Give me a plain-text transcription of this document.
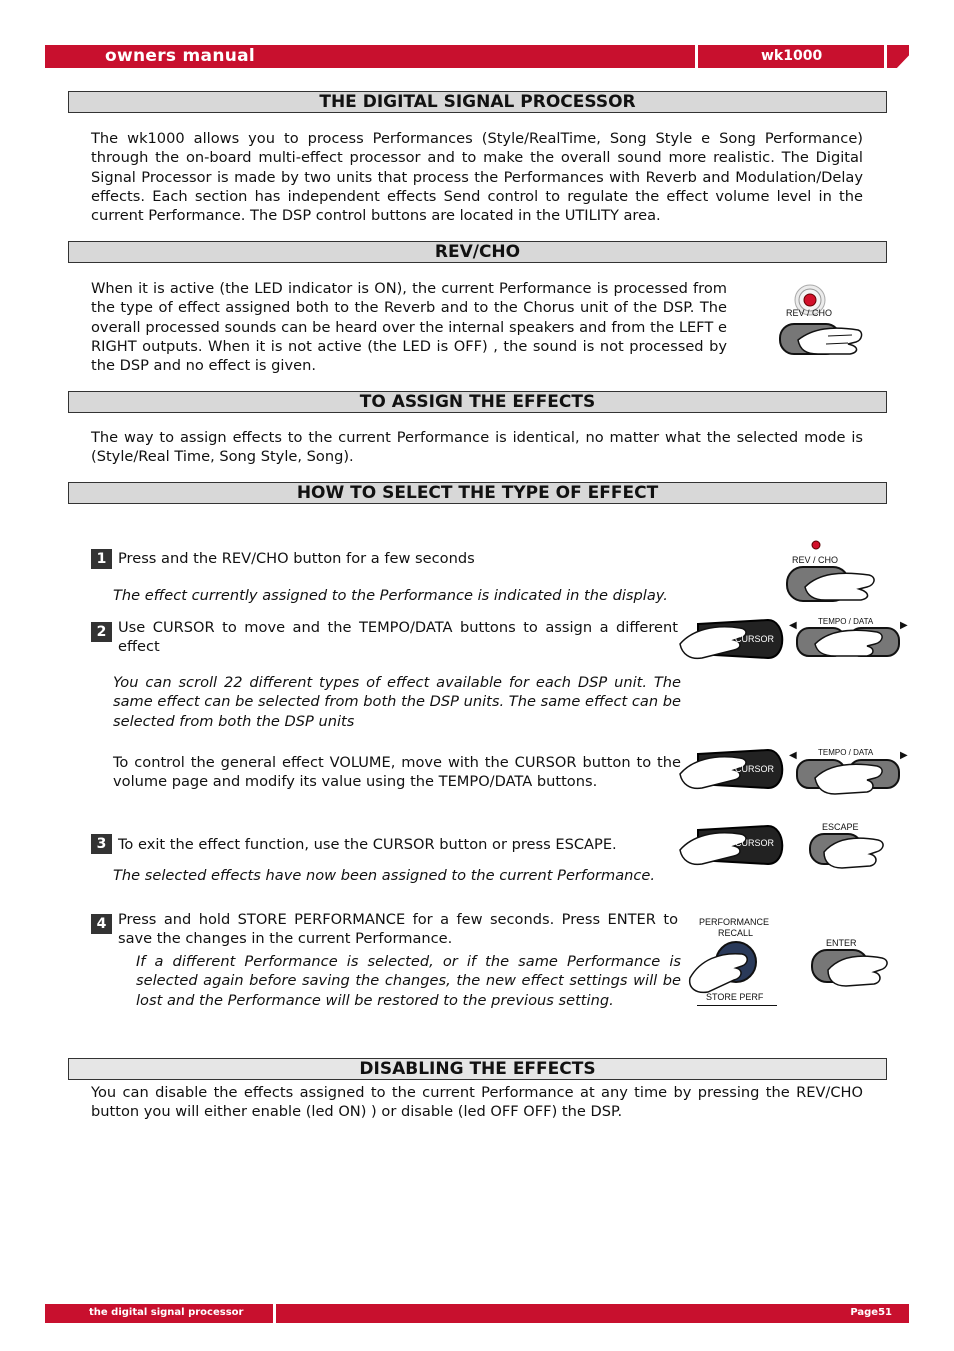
owners manual	wk1000
THE DIGITAL SIGNAL PROCESSOR

The wk1000 allows you to process Performances (Style/RealTime, Song Style e Song Performance) through the on-board multi-effect processor and to make the overall sound more realistic. The Digital Signal Processor is made by two units that process the Performances with Reverb and Modulation/Delay effects. Each section has independent effects Send control to regulate the effect volume level in the current Performance. The DSP control buttons are located in the UTILITY area.

REV/CHO

When it is active (the LED indicator is ON), the current Performance is processed from the type of effect assigned both to the Reverb and to the Chorus unit of the DSP. The overall processed sounds can be heard over the internal speakers and from the LEFT e RIGHT outputs. When it is not active (the LED is OFF) , the sound is not processed by the DSP and no effect is given.

REV / CHO
TO ASSIGN THE EFFECTS

The way to assign effects to the current Performance is identical, no matter what the selected mode is (Style/Real Time, Song Style, Song).

HOW TO SELECT THE TYPE OF EFFECT
1 Press and the REV/CHO button for a few seconds

The effect currently assigned to the Performance is indicated in the display.

2 Use CURSOR to move and the TEMPO/DATA buttons to assign a different effect

You can scroll 22 different types of effect available for each DSP unit. The same effect can be selected from both the DSP units. The same effect can be selected from both the DSP units

To control the general effect VOLUME, move with the CURSOR button to the volume page and modify its value using the TEMPO/DATA buttons.

3 To exit the effect function, use the CURSOR button or press ESCAPE.

The selected effects have now been assigned to the current Performance.

4 Press and hold STORE PERFORMANCE for a few seconds. Press ENTER to save the changes in the current Performance.

If a different Performance is selected, or if the same Performance is selected again before saving the changes, the new effect settings will be lost and the Performance will be restored to the previous setting.

REV / CHO
CURSOR
◀	▶
TEMPO / DATA
CURSOR
◀	▶
TEMPO / DATA
CURSOR
ESCAPE
PERFORMANCE
RECALL
STORE PERF
ENTER
DISABLING THE EFFECTS

You can disable the effects assigned to the current Performance at any time by pressing the REV/CHO button you will either enable (led ON) ) or disable (led OFF OFF) the DSP.

the digital signal processor	Page51
